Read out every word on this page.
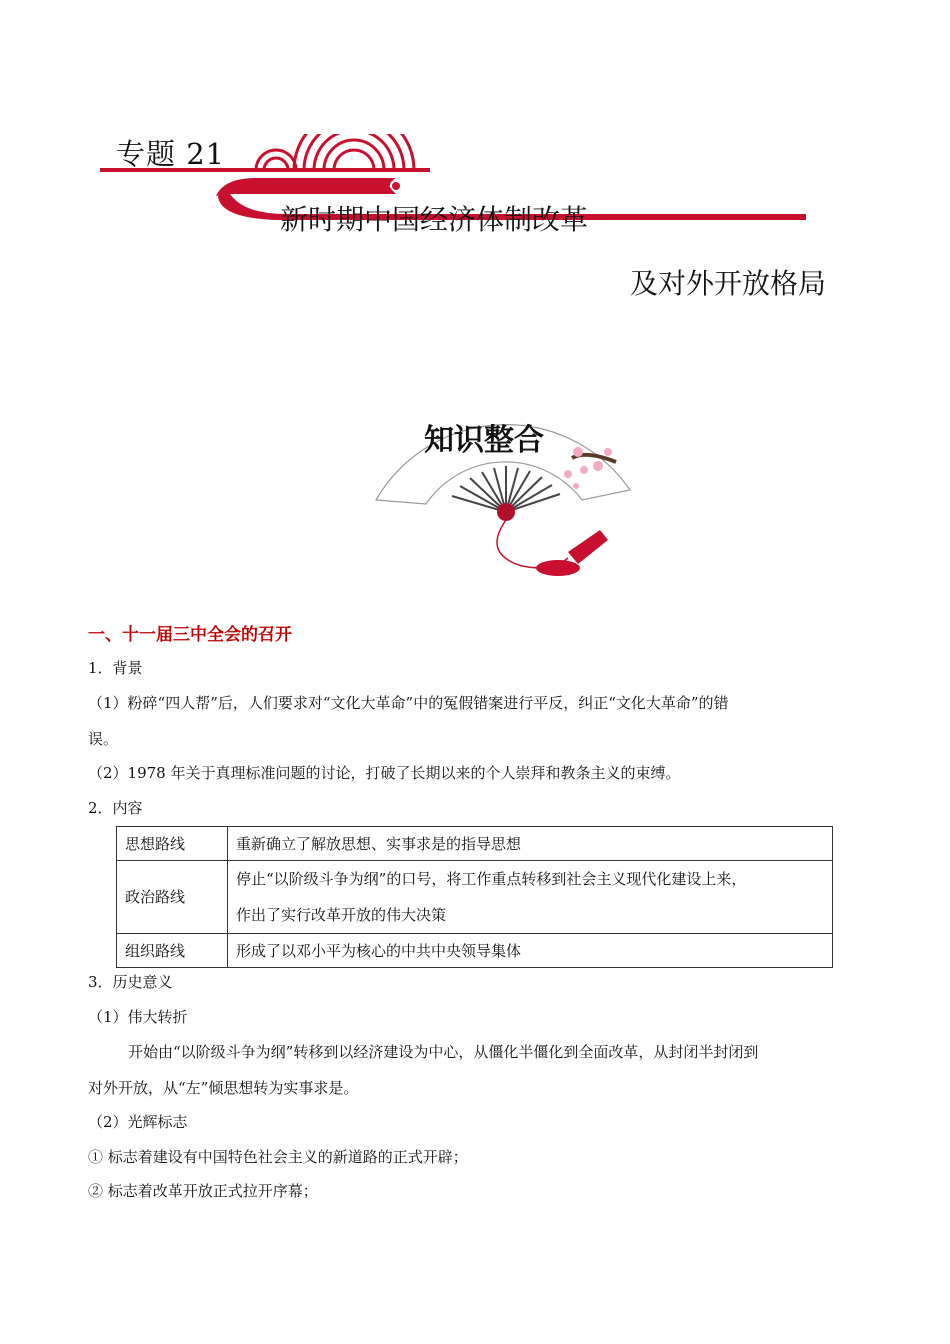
专题 21
新时期中国经济体制改革
及对外开放格局
知识整合
一、十一届三中全会的召开
1．背景
（1）粉碎“四人帮”后，人们要求对“文化大革命”中的冤假错案进行平反，纠正“文化大革命”的错
误。
（2）1978 年关于真理标准问题的讨论，打破了长期以来的个人崇拜和教条主义的束缚。
2．内容
思想路线	重新确立了解放思想、实事求是的指导思想
政治路线	停止“以阶级斗争为纲”的口号，将工作重点转移到社会主义现代化建设上来，
作出了实行改革开放的伟大决策

组织路线	形成了以邓小平为核心的中共中央领导集体
3．历史意义
（1）伟大转折
开始由“以阶级斗争为纲”转移到以经济建设为中心，从僵化半僵化到全面改革，从封闭半封闭到
对外开放，从“左”倾思想转为实事求是。
（2）光辉标志
① 标志着建设有中国特色社会主义的新道路的正式开辟；
② 标志着改革开放正式拉开序幕；
